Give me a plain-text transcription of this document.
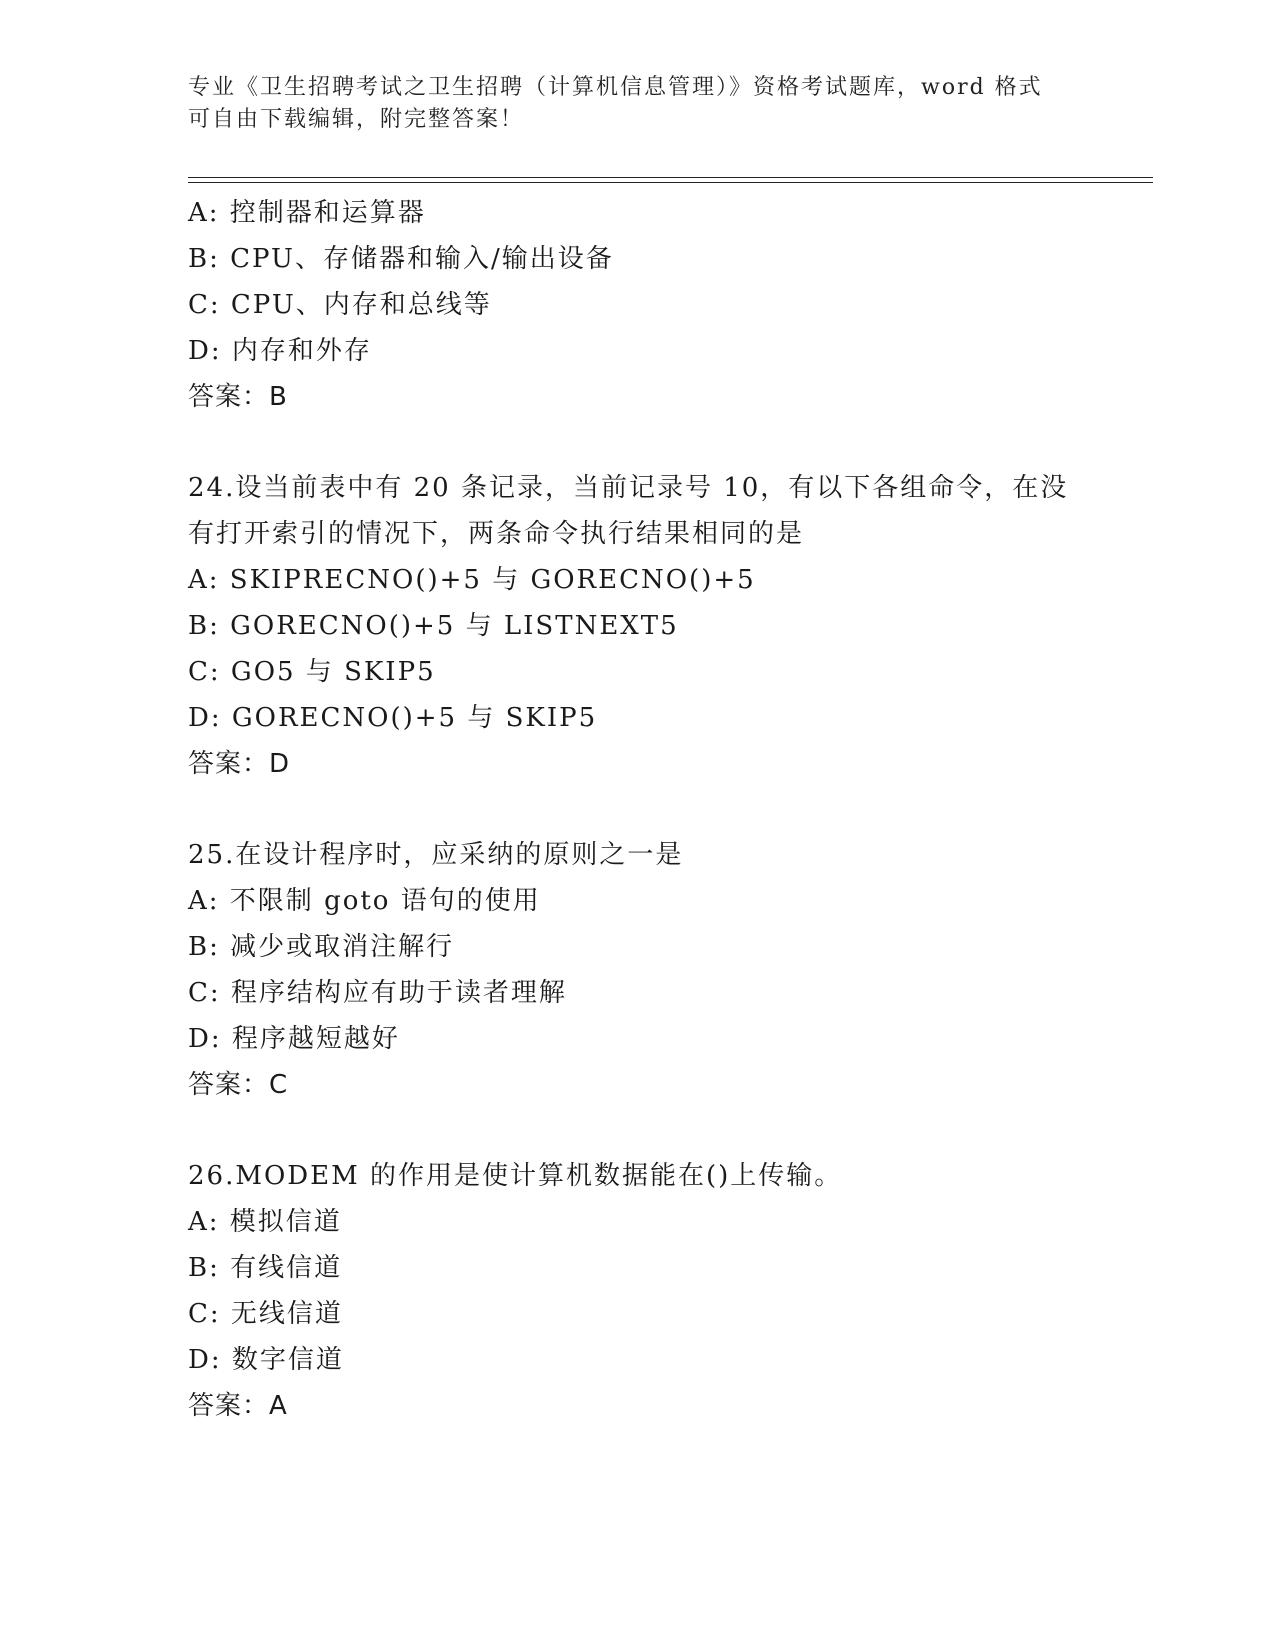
专业《卫生招聘考试之卫生招聘（计算机信息管理）》资格考试题库，word 格式
可自由下载编辑，附完整答案！
A: 控制器和运算器
B: CPU、存储器和输入/输出设备
C: CPU、内存和总线等
D: 内存和外存
答案：B
24.设当前表中有 20 条记录，当前记录号 10，有以下各组命令，在没
有打开索引的情况下，两条命令执行结果相同的是
A: SKIPRECNO()+5 与 GORECNO()+5
B: GORECNO()+5 与 LISTNEXT5
C: GO5 与 SKIP5
D: GORECNO()+5 与 SKIP5
答案：D
25.在设计程序时，应采纳的原则之一是
A: 不限制 goto 语句的使用
B: 减少或取消注解行
C: 程序结构应有助于读者理解
D: 程序越短越好
答案：C
26.MODEM 的作用是使计算机数据能在()上传输。
A: 模拟信道
B: 有线信道
C: 无线信道
D: 数字信道
答案：A
